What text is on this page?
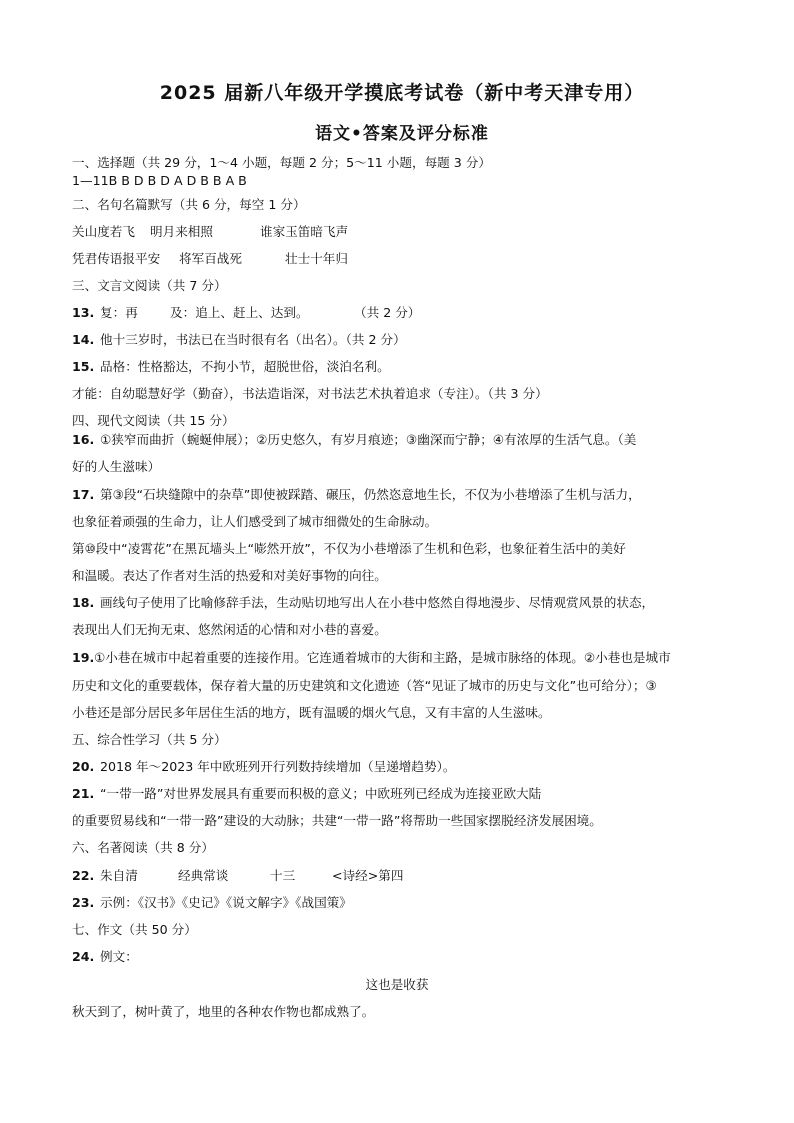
2025 届新八年级开学摸底考试卷（新中考天津专用）
语文•答案及评分标准
一、选择题（共 29 分，1～4 小题，每题 2 分；5～11 小题，每题 3 分）
1—11B B D B D A D B B A B
二、名句名篇默写（共 6 分，每空 1 分）
关山度若飞 明月来相照	谁家玉笛暗飞声
凭君传语报平安 将军百战死	壮士十年归
三、文言文阅读（共 7 分）
13. 复：再	及：追上、赶上、达到。	（共 2 分）
14. 他十三岁时，书法已在当时很有名（出名）。（共 2 分）
15. 品格：性格豁达，不拘小节，超脱世俗，淡泊名利。
才能：自幼聪慧好学（勤奋），书法造诣深，对书法艺术执着追求（专注）。（共 3 分）
四、现代文阅读（共 15 分）
16. ①狭窄而曲折（蜿蜒伸展）；②历史悠久，有岁月痕迹；③幽深而宁静；④有浓厚的生活气息。（美
好的人生滋味）
17. 第③段“石块缝隙中的杂草”即使被踩踏、碾压，仍然恣意地生长，不仅为小巷增添了生机与活力，
也象征着顽强的生命力，让人们感受到了城市细微处的生命脉动。
第⑩段中“凌霄花”在黑瓦墙头上“嘭然开放”，不仅为小巷增添了生机和色彩，也象征着生活中的美好
和温暖。表达了作者对生活的热爱和对美好事物的向往。
18. 画线句子使用了比喻修辞手法，生动贴切地写出人在小巷中悠然自得地漫步、尽情观赏风景的状态，
表现出人们无拘无束、悠然闲适的心情和对小巷的喜爱。
19.①小巷在城市中起着重要的连接作用。它连通着城市的大街和主路，是城市脉络的体现。②小巷也是城市
历史和文化的重要载体，保存着大量的历史建筑和文化遗迹（答“见证了城市的历史与文化”也可给分）；③
小巷还是部分居民多年居住生活的地方，既有温暖的烟火气息，又有丰富的人生滋味。
五、综合性学习（共 5 分）
20. 2018 年～2023 年中欧班列开行列数持续增加（呈递增趋势）。
21. “一带一路”对世界发展具有重要而积极的意义；中欧班列已经成为连接亚欧大陆
的重要贸易线和“一带一路”建设的大动脉；共建“一带一路”将帮助一些国家摆脱经济发展困境。
六、名著阅读（共 8 分）
22. 朱自清	经典常谈	十三	<诗经>第四
23. 示例：《汉书》《史记》《说文解字》《战国策》
七、作文（共 50 分）
24. 例文：
这也是收获
秋天到了，树叶黄了，地里的各种农作物也都成熟了。
